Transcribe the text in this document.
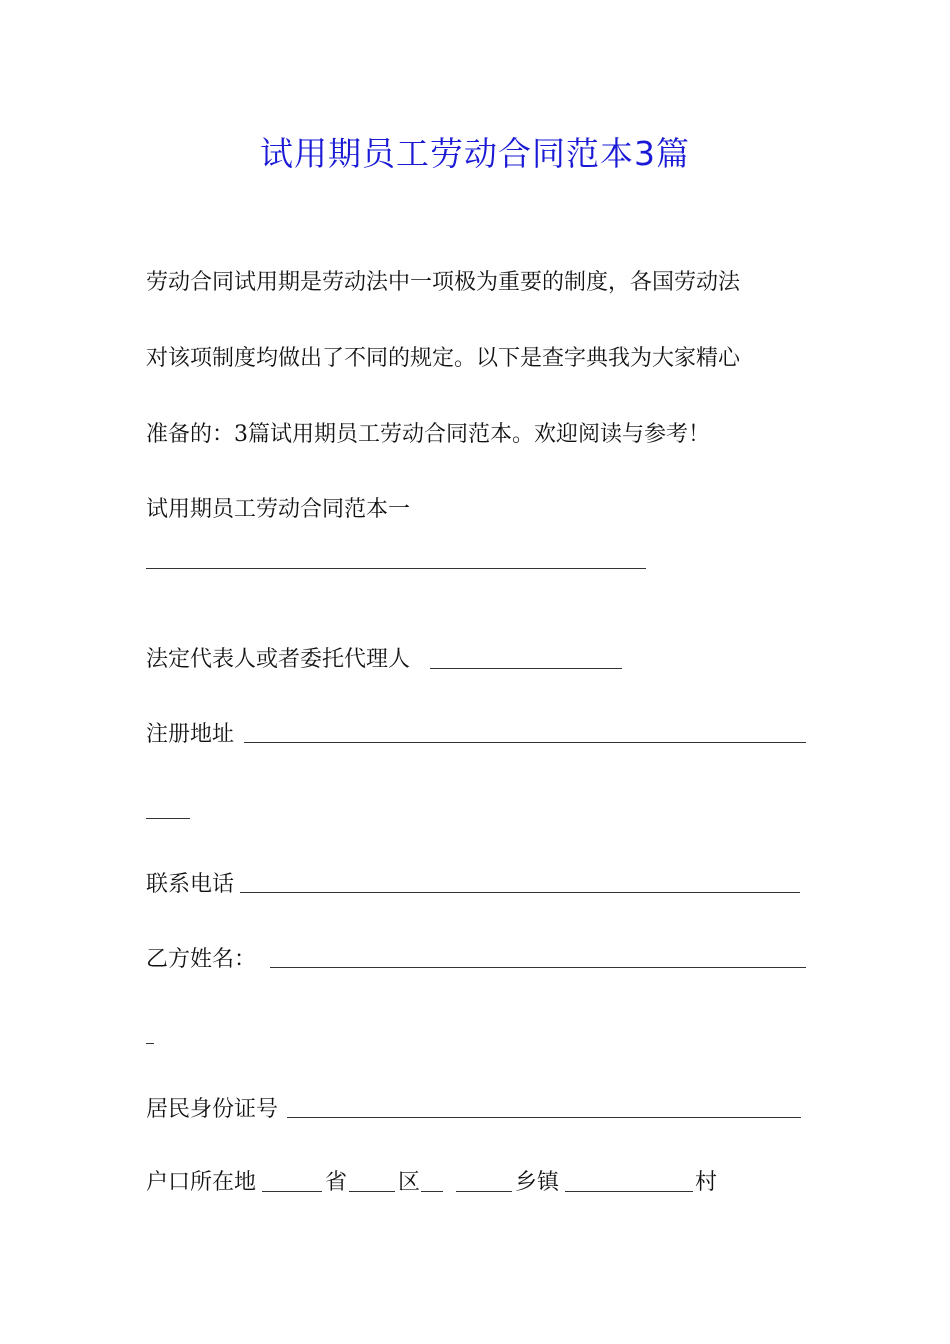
试用期员工劳动合同范本3篇

劳动合同试用期是劳动法中一项极为重要的制度，各国劳动法

对该项制度均做出了不同的规定。以下是查字典我为大家精心

准备的：3篇试用期员工劳动合同范本。欢迎阅读与参考！

试用期员工劳动合同范本一

法定代表人或者委托代理人

注册地址

联系电话

乙方姓名：

居民身份证号

户口所在地	省 区	乡镇	村
